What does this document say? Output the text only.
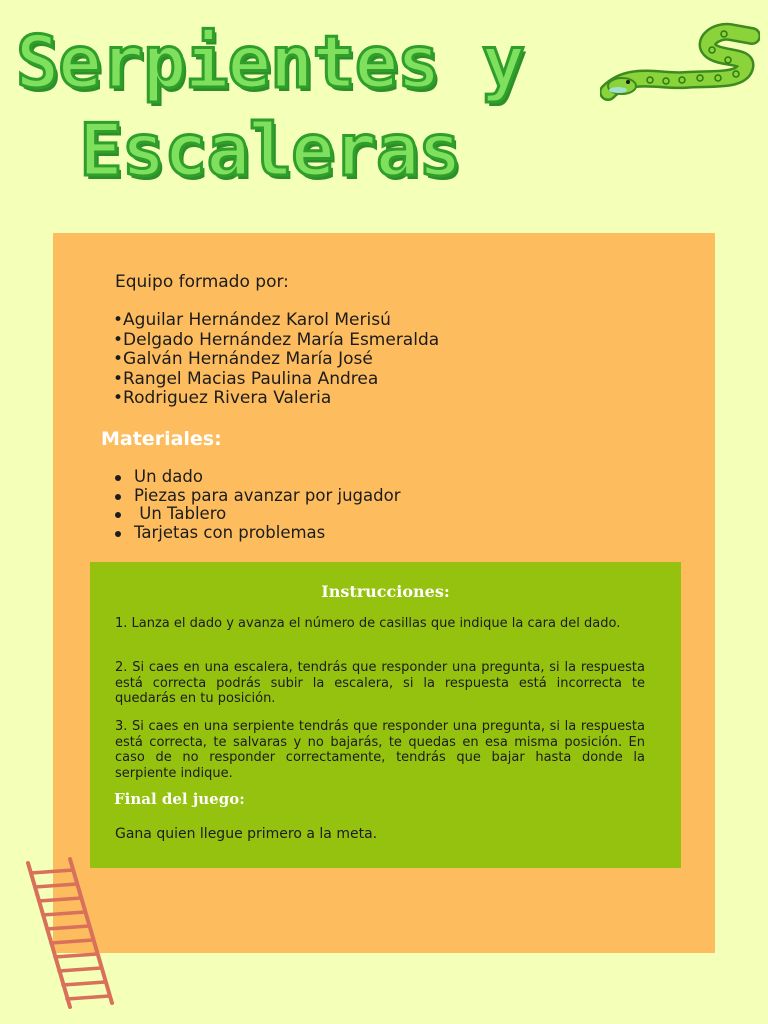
Serpientes y
Escaleras
Equipo formado por:
• Aguilar Hernández Karol Merisú
• Delgado Hernández María Esmeralda
• Galván Hernández María José
• Rangel Macias Paulina Andrea
• Rodriguez Rivera Valeria
Materiales:
Un dado
Piezas para avanzar por jugador
Un Tablero
Tarjetas con problemas
Instrucciones:

1. Lanza el dado y avanza el número de casillas que indique la cara del dado.

2. Si caes en una escalera, tendrás que responder una pregunta, si la respuesta está correcta podrás subir la escalera, si la respuesta está incorrecta te quedarás en tu posición.

3. Si caes en una serpiente tendrás que responder una pregunta, si la respuesta está correcta, te salvaras y no bajarás, te quedas en esa misma posición. En caso de no responder correctamente, tendrás que bajar hasta donde la serpiente indique.

Final del juego:
Gana quien llegue primero a la meta.
